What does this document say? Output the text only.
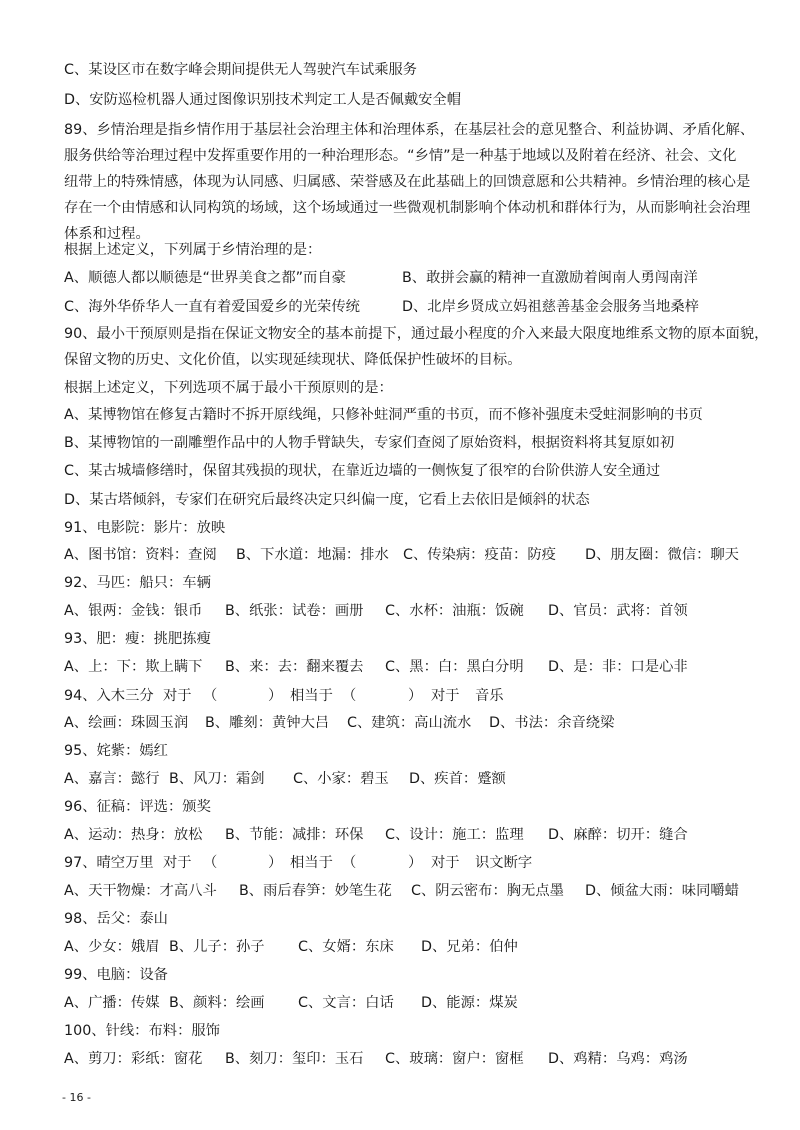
C、某设区市在数字峰会期间提供无人驾驶汽车试乘服务
D、安防巡检机器人通过图像识别技术判定工人是否佩戴安全帽
89、乡情治理是指乡情作用于基层社会治理主体和治理体系，在基层社会的意见整合、利益协调、矛盾化解、
服务供给等治理过程中发挥重要作用的一种治理形态。“乡情”是一种基于地域以及附着在经济、社会、文化
纽带上的特殊情感，体现为认同感、归属感、荣誉感及在此基础上的回馈意愿和公共精神。乡情治理的核心是
存在一个由情感和认同构筑的场域，这个场域通过一些微观机制影响个体动机和群体行为，从而影响社会治理
体系和过程。
根据上述定义，下列属于乡情治理的是：
A、顺德人都以顺德是“世界美食之都”而自豪	B、敢拼会赢的精神一直激励着闽南人勇闯南洋
C、海外华侨华人一直有着爱国爱乡的光荣传统	D、北岸乡贤成立妈祖慈善基金会服务当地桑梓
90、最小干预原则是指在保证文物安全的基本前提下，通过最小程度的介入来最大限度地维系文物的原本面貌，
保留文物的历史、文化价值，以实现延续现状、降低保护性破坏的目标。
根据上述定义，下列选项不属于最小干预原则的是：
A、某博物馆在修复古籍时不拆开原线绳，只修补蛀洞严重的书页，而不修补强度未受蛀洞影响的书页
B、某博物馆的一副雕塑作品中的人物手臂缺失，专家们查阅了原始资料，根据资料将其复原如初
C、某古城墙修缮时，保留其残损的现状，在靠近边墙的一侧恢复了很窄的台阶供游人安全通过
D、某古塔倾斜，专家们在研究后最终决定只纠偏一度，它看上去依旧是倾斜的状态
91、电影院：影片：放映
A、图书馆：资料：查阅 B、下水道：地漏：排水 C、传染病：疫苗：防疫 D、朋友圈：微信：聊天
92、马匹：船只：车辆
A、银两：金钱：银币 B、纸张：试卷：画册 C、水杯：油瓶：饭碗 D、官员：武将：首领
93、肥：瘦：挑肥拣瘦
A、上：下：欺上瞒下 B、来：去：翻来覆去 C、黑：白：黑白分明 D、是：非：口是心非
94、入木三分 对于 （	） 相当于 （	） 对于 音乐
A、绘画：珠圆玉润 B、雕刻：黄钟大吕 C、建筑：高山流水 D、书法：余音绕梁
95、姹紫：嫣红
A、嘉言：懿行 B、风刀：霜剑 C、小家：碧玉 D、疾首：蹙额
96、征稿：评选：颁奖
A、运动：热身：放松 B、节能：减排：环保 C、设计：施工：监理 D、麻醉：切开：缝合
97、晴空万里 对于 （	） 相当于 （	） 对于 识文断字
A、天干物燥：才高八斗 B、雨后春笋：妙笔生花 C、阴云密布：胸无点墨 D、倾盆大雨：味同嚼蜡
98、岳父：泰山
A、少女：娥眉 B、儿子：孙子 C、女婿：东床 D、兄弟：伯仲
99、电脑：设备
A、广播：传媒 B、颜料：绘画 C、文言：白话 D、能源：煤炭
100、针线：布料：服饰
A、剪刀：彩纸：窗花 B、刻刀：玺印：玉石 C、玻璃：窗户：窗框 D、鸡精：乌鸡：鸡汤
- 16 -
